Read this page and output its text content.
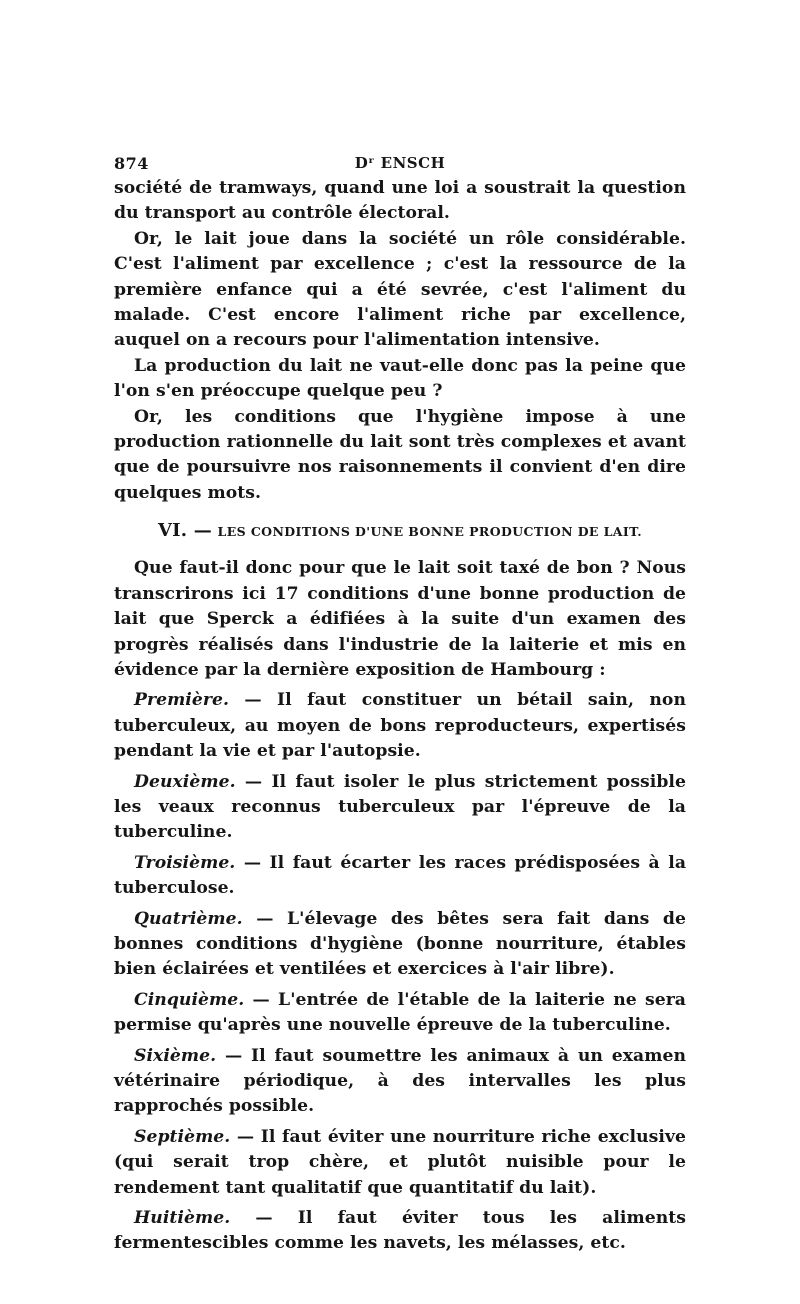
874	Dʳ ENSCH

société de tramways, quand une loi a soustrait la question du transport au contrôle électoral.

Or, le lait joue dans la société un rôle considérable. C'est l'aliment par excellence ; c'est la ressource de la première enfance qui a été sevrée, c'est l'aliment du malade. C'est encore l'aliment riche par excellence, auquel on a recours pour l'alimentation intensive.

La production du lait ne vaut-elle donc pas la peine que l'on s'en préoccupe quelque peu ?

Or, les conditions que l'hygiène impose à une production rationnelle du lait sont très complexes et avant que de poursuivre nos raisonnements il convient d'en dire quelques mots.

VI. — LES CONDITIONS D'UNE BONNE PRODUCTION DE LAIT.

Que faut-il donc pour que le lait soit taxé de bon ? Nous transcrirons ici 17 conditions d'une bonne production de lait que Sperck a édifiées à la suite d'un examen des progrès réalisés dans l'industrie de la laiterie et mis en évidence par la dernière exposition de Hambourg :

Première. — Il faut constituer un bétail sain, non tuberculeux, au moyen de bons reproducteurs, expertisés pendant la vie et par l'autopsie.

Deuxième. — Il faut isoler le plus strictement possible les veaux reconnus tuberculeux par l'épreuve de la tuberculine.

Troisième. — Il faut écarter les races prédisposées à la tuberculose.

Quatrième. — L'élevage des bêtes sera fait dans de bonnes conditions d'hygiène (bonne nourriture, étables bien éclairées et ventilées et exercices à l'air libre).

Cinquième. — L'entrée de l'étable de la laiterie ne sera permise qu'après une nouvelle épreuve de la tuberculine.

Sixième. — Il faut soumettre les animaux à un examen vétérinaire périodique, à des intervalles les plus rapprochés possible.

Septième. — Il faut éviter une nourriture riche exclusive (qui serait trop chère, et plutôt nuisible pour le rendement tant qualitatif que quantitatif du lait).

Huitième. — Il faut éviter tous les aliments fermentescibles comme les navets, les mélasses, etc.
